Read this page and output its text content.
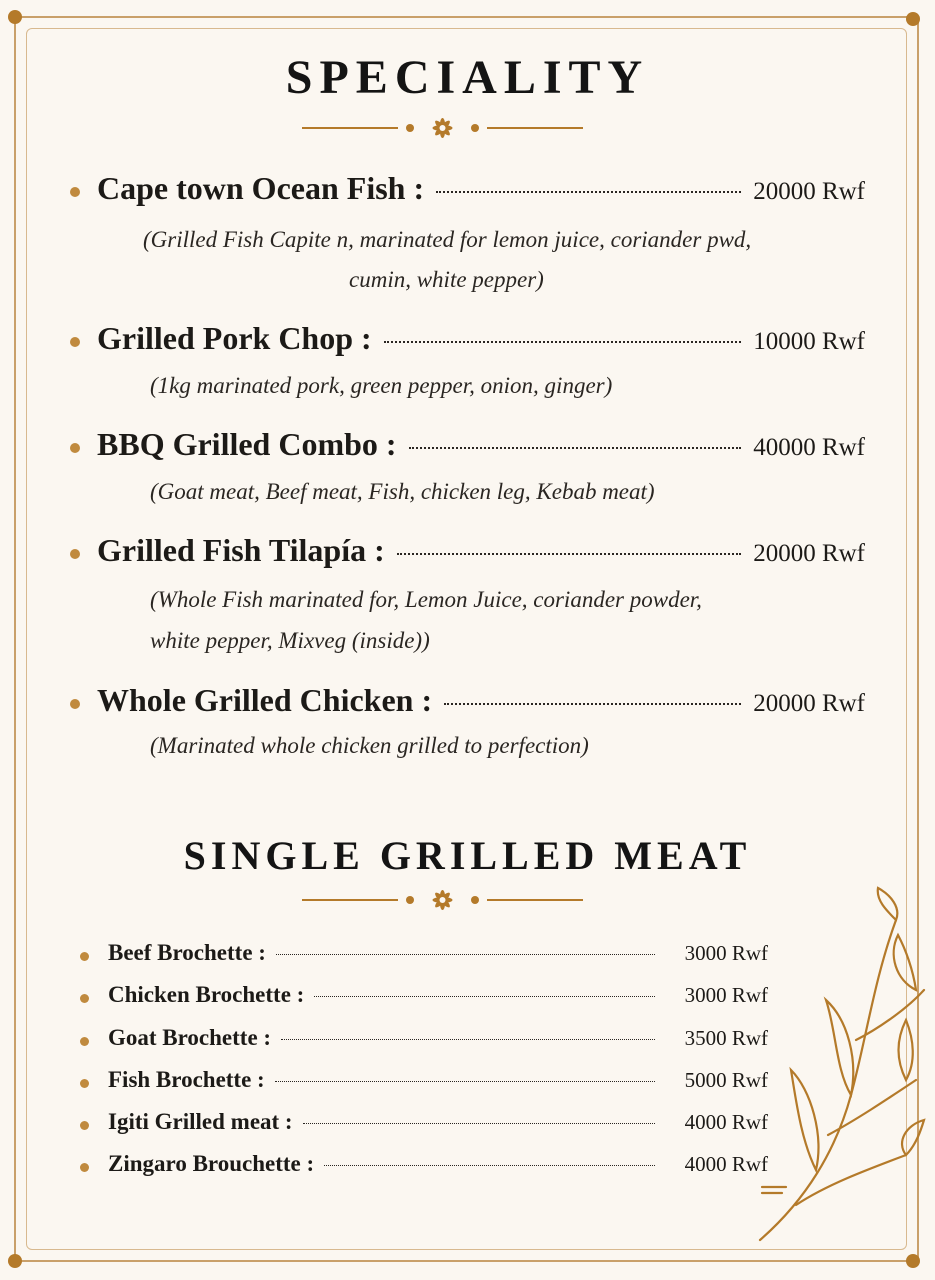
SPECIALITY
Cape town Ocean Fish :	20000 Rwf
(Grilled Fish Capite n, marinated for lemon juice, coriander pwd,
cumin, white pepper)
Grilled Pork Chop :	10000 Rwf
(1kg marinated pork, green pepper, onion, ginger)
BBQ Grilled Combo :	40000 Rwf
(Goat meat, Beef meat, Fish, chicken leg, Kebab meat)
Grilled Fish Tilapía :	20000 Rwf
(Whole Fish marinated for, Lemon Juice, coriander powder,
white pepper, Mixveg (inside))
Whole Grilled Chicken :	20000 Rwf
(Marinated whole chicken grilled to perfection)
SINGLE GRILLED MEAT
Beef Brochette :	3000 Rwf
Chicken Brochette :	3000 Rwf
Goat Brochette :	3500 Rwf
Fish Brochette :	5000 Rwf
Igiti Grilled meat :	4000 Rwf
Zingaro Brouchette :	4000 Rwf
